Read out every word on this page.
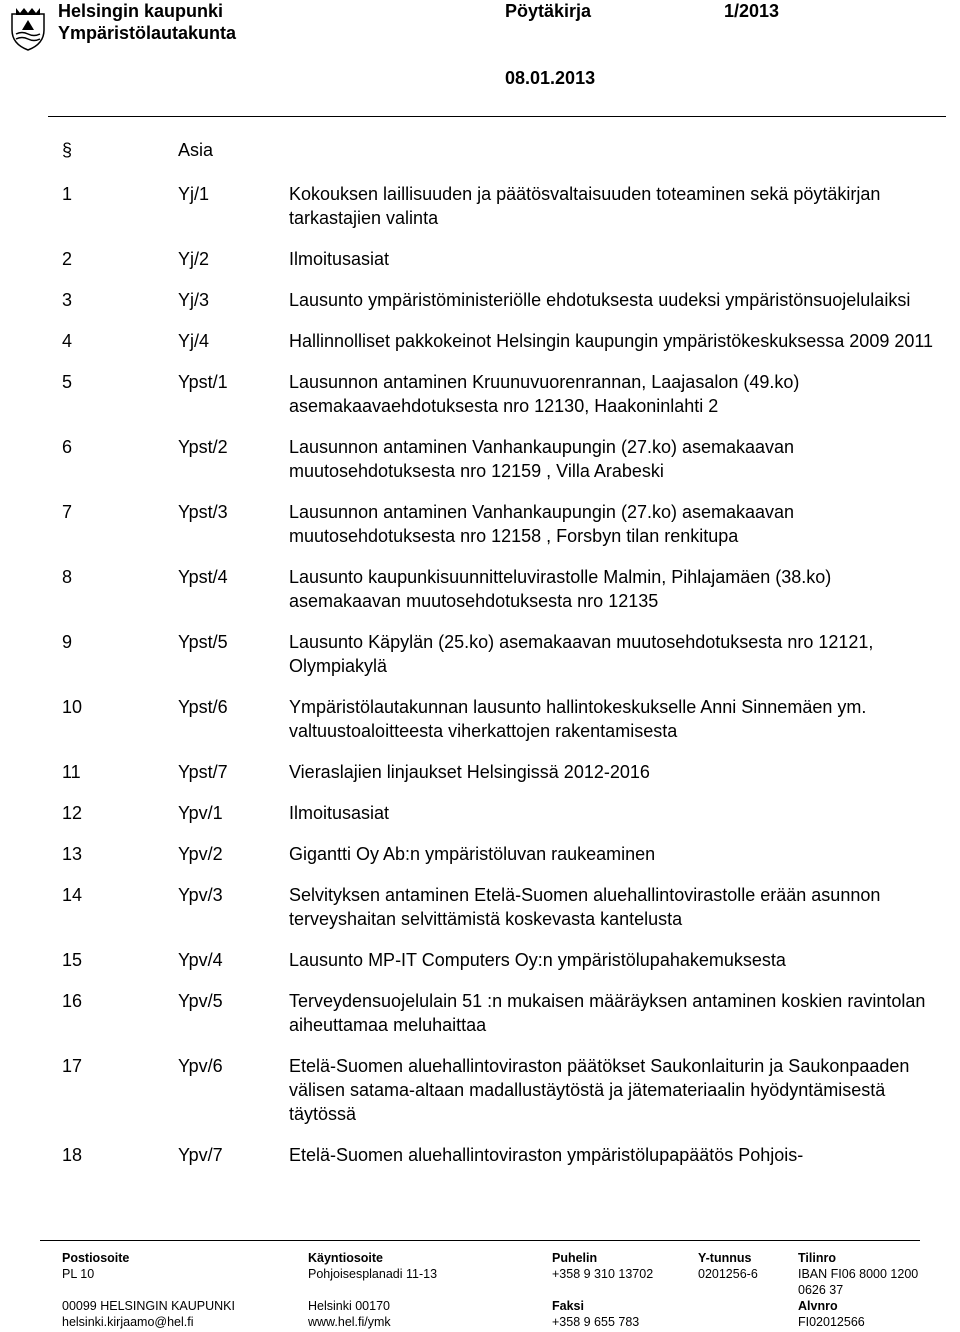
Helsingin kaupunki
Ympäristölautakunta
Pöytäkirja	1/2013
08.01.2013
§	Asia
1	Yj/1	Kokouksen laillisuuden ja päätösvaltaisuuden toteaminen sekä pöytäkirjan tarkastajien valinta
2	Yj/2	Ilmoitusasiat
3	Yj/3	Lausunto ympäristöministeriölle ehdotuksesta uudeksi ympäristönsuojelulaiksi
4	Yj/4	Hallinnolliset pakkokeinot Helsingin kaupungin ympäristökeskuksessa 2009 2011
5	Ypst/1	Lausunnon antaminen Kruunuvuorenrannan, Laajasalon (49.ko) asemakaavaehdotuksesta nro 12130, Haakoninlahti 2
6	Ypst/2	Lausunnon antaminen Vanhankaupungin (27.ko) asemakaavan muutosehdotuksesta nro 12159 , Villa Arabeski
7	Ypst/3	Lausunnon antaminen Vanhankaupungin (27.ko) asemakaavan muutosehdotuksesta nro 12158 , Forsbyn tilan renkitupa
8	Ypst/4	Lausunto kaupunkisuunnitteluvirastolle Malmin, Pihlajamäen (38.ko) asemakaavan muutosehdotuksesta nro 12135
9	Ypst/5	Lausunto Käpylän (25.ko) asemakaavan muutosehdotuksesta nro 12121, Olympiakylä
10	Ypst/6	Ympäristölautakunnan lausunto hallintokeskukselle Anni Sinnemäen ym. valtuustoaloitteesta viherkattojen rakentamisesta
11	Ypst/7	Vieraslajien linjaukset Helsingissä 2012-2016
12	Ypv/1	Ilmoitusasiat
13	Ypv/2	Gigantti Oy Ab:n ympäristöluvan raukeaminen
14	Ypv/3	Selvityksen antaminen Etelä-Suomen aluehallintovirastolle erään asunnon terveyshaitan selvittämistä koskevasta kantelusta
15	Ypv/4	Lausunto MP-IT Computers Oy:n ympäristölupahakemuksesta
16	Ypv/5	Terveydensuojelulain 51 :n mukaisen määräyksen antaminen koskien ravintolan aiheuttamaa meluhaittaa
17	Ypv/6	Etelä-Suomen aluehallintoviraston päätökset Saukonlaiturin ja Saukonpaaden välisen satama-altaan madallustäytöstä ja jätemateriaalin hyödyntämisestä täytössä
18	Ypv/7	Etelä-Suomen aluehallintoviraston ympäristölupapäätös Pohjois-
Postiosoite
PL 10
00099 HELSINGIN KAUPUNKI
helsinki.kirjaamo@hel.fi
Käyntiosoite
Pohjoisesplanadi 11-13
Helsinki 00170
www.hel.fi/ymk
Puhelin
+358 9 310 13702
Faksi
+358 9 655 783
Y-tunnus
0201256-6
Tilinro
IBAN FI06 8000 1200
0626 37
Alvnro
FI02012566
